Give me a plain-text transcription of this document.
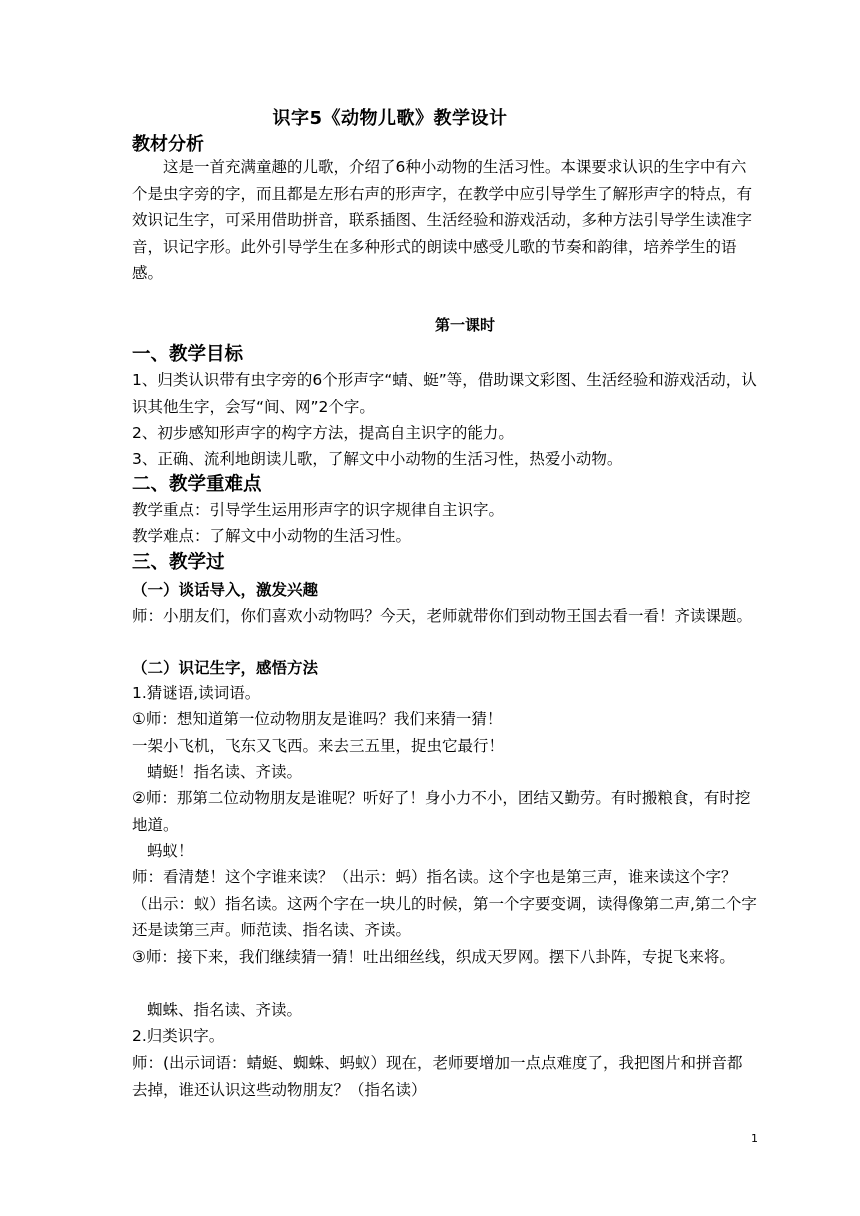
识字5《动物儿歌》教学设计
教材分析

这是一首充满童趣的儿歌，介绍了6种小动物的生活习性。本课要求认识的生字中有六个是虫字旁的字，而且都是左形右声的形声字，在教学中应引导学生了解形声字的特点，有效识记生字，可采用借助拼音，联系插图、生活经验和游戏活动，多种方法引导学生读准字音，识记字形。此外引导学生在多种形式的朗读中感受儿歌的节奏和韵律，培养学生的语感。

第一课时
一、教学目标

1、归类认识带有虫字旁的6个形声字“蜻、蜓”等，借助课文彩图、生活经验和游戏活动，认识其他生字，会写“间、网”2个字。

2、初步感知形声字的构字方法，提高自主识字的能力。

3、正确、流利地朗读儿歌，了解文中小动物的生活习性，热爱小动物。

二、教学重难点

教学重点：引导学生运用形声字的识字规律自主识字。

教学难点：了解文中小动物的生活习性。

三、教学过
（一）谈话导入，激发兴趣

师：小朋友们，你们喜欢小动物吗？今天，老师就带你们到动物王国去看一看！齐读课题。

（二）识记生字，感悟方法

1.猜谜语,读词语。

①师：想知道第一位动物朋友是谁吗？我们来猜一猜！

一架小飞机，飞东又飞西。来去三五里，捉虫它最行！

蜻蜓！指名读、齐读。

②师：那第二位动物朋友是谁呢？听好了！身小力不小，团结又勤劳。有时搬粮食，有时挖地道。

蚂蚁！

师：看清楚！这个字谁来读？（出示：蚂）指名读。这个字也是第三声，谁来读这个字？（出示：蚁）指名读。这两个字在一块儿的时候，第一个字要变调，读得像第二声,第二个字还是读第三声。师范读、指名读、齐读。

③师：接下来，我们继续猜一猜！吐出细丝线，织成天罗网。摆下八卦阵，专捉飞来将。

蜘蛛、指名读、齐读。

2.归类识字。

师：(出示词语：蜻蜓、蜘蛛、蚂蚁）现在，老师要增加一点点难度了，我把图片和拼音都去掉，谁还认识这些动物朋友？（指名读）

1
